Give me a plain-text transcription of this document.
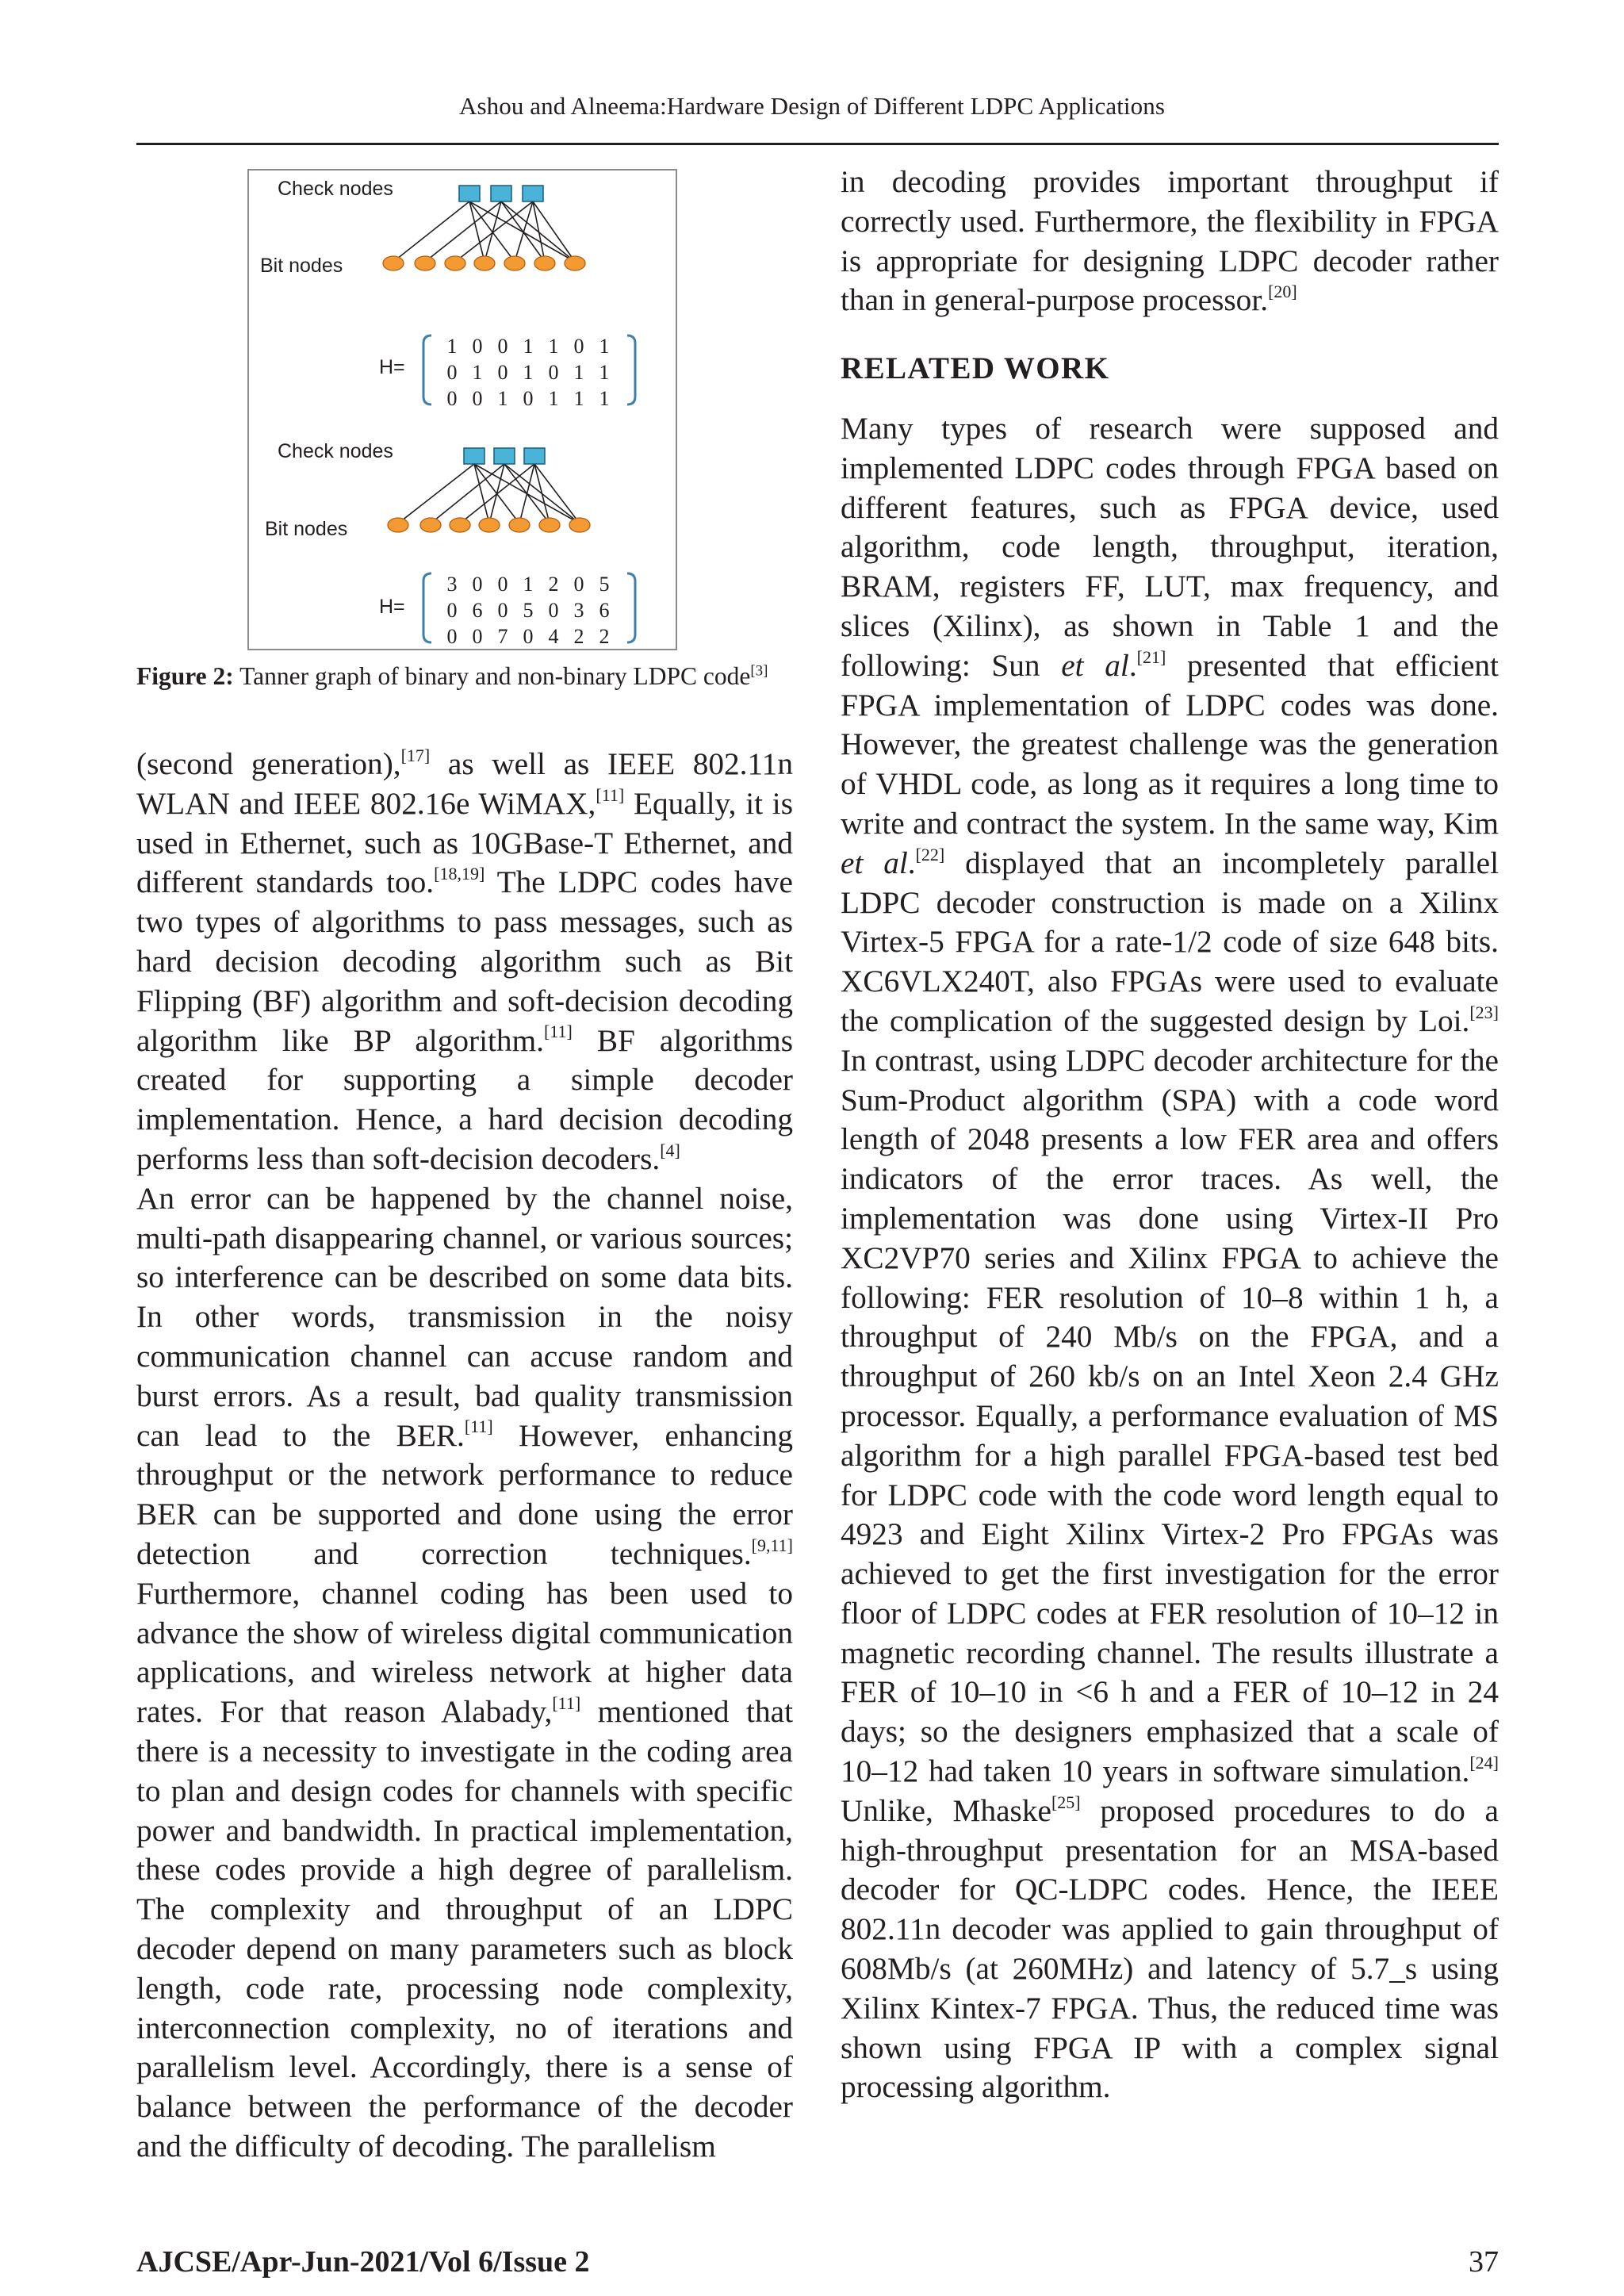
Ashou and Alneema:Hardware Design of Different LDPC Applications
Check nodes
Bit nodes
H=
1 0 0 1 1 0 1
0 1 0 1 0 1 1
0 0 1 0 1 1 1
Check nodes
Bit nodes
H=
3 0 0 1 2 0 5
0 6 0 5 0 3 6
0 0 7 0 4 2 2
Figure 2: Tanner graph of binary and non-binary LDPC code[3]

(second generation),[17] as well as IEEE 802.11n WLAN and IEEE 802.16e WiMAX,[11] Equally, it is used in Ethernet, such as 10GBase-T Ethernet, and different standards too.[18,19] The LDPC codes have two types of algorithms to pass messages, such as hard decision decoding algorithm such as Bit Flipping (BF) algorithm and soft-decision decoding algorithm like BP algorithm.[11] BF algorithms created for supporting a simple decoder implementation. Hence, a hard decision decoding performs less than soft-decision decoders.[4]

An error can be happened by the channel noise, multi-path disappearing channel, or various sources; so interference can be described on some data bits. In other words, transmission in the noisy communication channel can accuse random and burst errors. As a result, bad quality transmission can lead to the BER.[11] However, enhancing throughput or the network performance to reduce BER can be supported and done using the error detection and correction techniques.[9,11] Furthermore, channel coding has been used to advance the show of wireless digital communication applications, and wireless network at higher data rates. For that reason Alabady,[11] mentioned that there is a necessity to investigate in the coding area to plan and design codes for channels with specific power and bandwidth. In practical implementation, these codes provide a high degree of parallelism. The complexity and throughput of an LDPC decoder depend on many parameters such as block length, code rate, processing node complexity, interconnection complexity, no of iterations and parallelism level. Accordingly, there is a sense of balance between the performance of the decoder and the difficulty of decoding. The parallelism

in decoding provides important throughput if correctly used. Furthermore, the flexibility in FPGA is appropriate for designing LDPC decoder rather than in general-purpose processor.[20]

RELATED WORK

Many types of research were supposed and implemented LDPC codes through FPGA based on different features, such as FPGA device, used algorithm, code length, throughput, iteration, BRAM, registers FF, LUT, max frequency, and slices (Xilinx), as shown in Table 1 and the following: Sun et al.[21] presented that efficient FPGA implementation of LDPC codes was done. However, the greatest challenge was the generation of VHDL code, as long as it requires a long time to write and contract the system. In the same way, Kim et al.[22] displayed that an incompletely parallel LDPC decoder construction is made on a Xilinx Virtex-5 FPGA for a rate-1/2 code of size 648 bits. XC6VLX240T, also FPGAs were used to evaluate the complication of the suggested design by Loi.[23] In contrast, using LDPC decoder architecture for the Sum-Product algorithm (SPA) with a code word length of 2048 presents a low FER area and offers indicators of the error traces. As well, the implementation was done using Virtex-II Pro XC2VP70 series and Xilinx FPGA to achieve the following: FER resolution of 10–8 within 1 h, a throughput of 240 Mb/s on the FPGA, and a throughput of 260 kb/s on an Intel Xeon 2.4 GHz processor. Equally, a performance evaluation of MS algorithm for a high parallel FPGA-based test bed for LDPC code with the code word length equal to 4923 and Eight Xilinx Virtex-2 Pro FPGAs was achieved to get the first investigation for the error floor of LDPC codes at FER resolution of 10–12 in magnetic recording channel. The results illustrate a FER of 10–10 in <6 h and a FER of 10–12 in 24 days; so the designers emphasized that a scale of 10–12 had taken 10 years in software simulation.[24] Unlike, Mhaske[25] proposed procedures to do a high-throughput presentation for an MSA-based decoder for QC-LDPC codes. Hence, the IEEE 802.11n decoder was applied to gain throughput of 608Mb/s (at 260MHz) and latency of 5.7_s using Xilinx Kintex-7 FPGA. Thus, the reduced time was shown using FPGA IP with a complex signal processing algorithm.

AJCSE/Apr-Jun-2021/Vol 6/Issue 2	37
